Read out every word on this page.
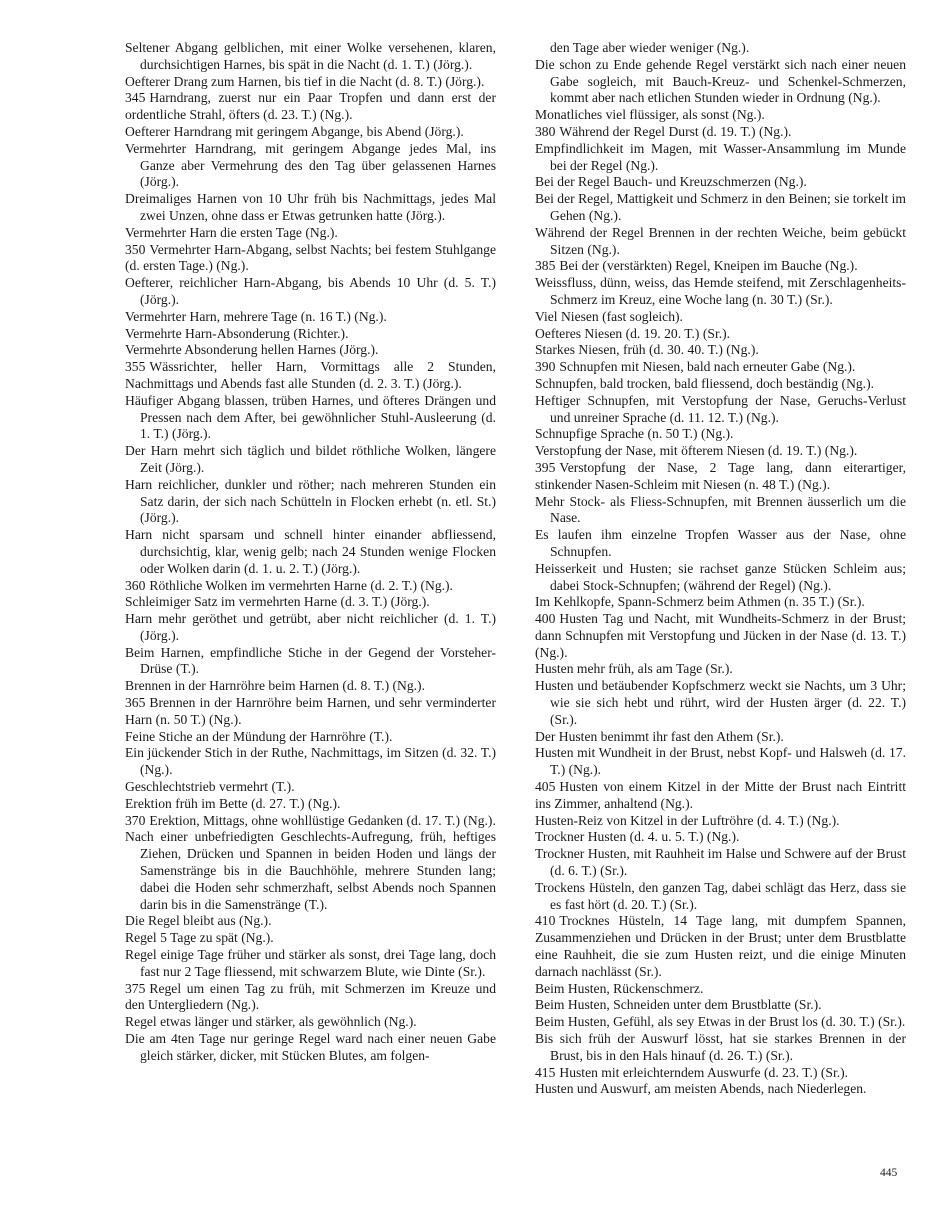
Seltener Abgang gelblichen, mit einer Wolke versehenen, klaren, durchsichtigen Harnes, bis spät in die Nacht (d. 1. T.) (Jörg.).
Oefterer Drang zum Harnen, bis tief in die Nacht (d. 8. T.) (Jörg.).
345 Harndrang, zuerst nur ein Paar Tropfen und dann erst der ordentliche Strahl, öfters (d. 23. T.) (Ng.).
Oefterer Harndrang mit geringem Abgange, bis Abend (Jörg.).
Vermehrter Harndrang, mit geringem Abgange jedes Mal, ins Ganze aber Vermehrung des den Tag über gelassenen Harnes (Jörg.).
Dreimaliges Harnen von 10 Uhr früh bis Nachmittags, jedes Mal zwei Unzen, ohne dass er Etwas getrunken hatte (Jörg.).
Vermehrter Harn die ersten Tage (Ng.).
350 Vermehrter Harn-Abgang, selbst Nachts; bei festem Stuhlgange (d. ersten Tage.) (Ng.).
Oefterer, reichlicher Harn-Abgang, bis Abends 10 Uhr (d. 5. T.) (Jörg.).
Vermehrter Harn, mehrere Tage (n. 16 T.) (Ng.).
Vermehrte Harn-Absonderung (Richter.).
Vermehrte Absonderung hellen Harnes (Jörg.).
355 Wässrichter, heller Harn, Vormittags alle 2 Stunden, Nachmittags und Abends fast alle Stunden (d. 2. 3. T.) (Jörg.).
Häufiger Abgang blassen, trüben Harnes, und öfteres Drängen und Pressen nach dem After, bei gewöhnlicher Stuhl-Ausleerung (d. 1. T.) (Jörg.).
Der Harn mehrt sich täglich und bildet röthliche Wolken, längere Zeit (Jörg.).
Harn reichlicher, dunkler und röther; nach mehreren Stunden ein Satz darin, der sich nach Schütteln in Flocken erhebt (n. etl. St.) (Jörg.).
Harn nicht sparsam und schnell hinter einander abfliessend, durchsichtig, klar, wenig gelb; nach 24 Stunden wenige Flocken oder Wolken darin (d. 1. u. 2. T.) (Jörg.).
360 Röthliche Wolken im vermehrten Harne (d. 2. T.) (Ng.).
Schleimiger Satz im vermehrten Harne (d. 3. T.) (Jörg.).
Harn mehr geröthet und getrübt, aber nicht reichlicher (d. 1. T.) (Jörg.).
Beim Harnen, empfindliche Stiche in der Gegend der Vorsteher-Drüse (T.).
Brennen in der Harnröhre beim Harnen (d. 8. T.) (Ng.).
365 Brennen in der Harnröhre beim Harnen, und sehr verminderter Harn (n. 50 T.) (Ng.).
Feine Stiche an der Mündung der Harnröhre (T.).
Ein jückender Stich in der Ruthe, Nachmittags, im Sitzen (d. 32. T.) (Ng.).
Geschlechtstrieb vermehrt (T.).
Erektion früh im Bette (d. 27. T.) (Ng.).
370 Erektion, Mittags, ohne wohllüstige Gedanken (d. 17. T.) (Ng.).
Nach einer unbefriedigten Geschlechts-Aufregung, früh, heftiges Ziehen, Drücken und Spannen in beiden Hoden und längs der Samenstränge bis in die Bauchhöhle, mehrere Stunden lang; dabei die Hoden sehr schmerzhaft, selbst Abends noch Spannen darin bis in die Samenstränge (T.).
Die Regel bleibt aus (Ng.).
Regel 5 Tage zu spät (Ng.).
Regel einige Tage früher und stärker als sonst, drei Tage lang, doch fast nur 2 Tage fliessend, mit schwarzem Blute, wie Dinte (Sr.).
375 Regel um einen Tag zu früh, mit Schmerzen im Kreuze und den Untergliedern (Ng.).
Regel etwas länger und stärker, als gewöhnlich (Ng.).
Die am 4ten Tage nur geringe Regel ward nach einer neuen Gabe gleich stärker, dicker, mit Stücken Blutes, am folgen-
den Tage aber wieder weniger (Ng.).
Die schon zu Ende gehende Regel verstärkt sich nach einer neuen Gabe sogleich, mit Bauch-Kreuz- und Schenkel-Schmerzen, kommt aber nach etlichen Stunden wieder in Ordnung (Ng.).
Monatliches viel flüssiger, als sonst (Ng.).
380 Während der Regel Durst (d. 19. T.) (Ng.).
Empfindlichkeit im Magen, mit Wasser-Ansammlung im Munde bei der Regel (Ng.).
Bei der Regel Bauch- und Kreuzschmerzen (Ng.).
Bei der Regel, Mattigkeit und Schmerz in den Beinen; sie torkelt im Gehen (Ng.).
Während der Regel Brennen in der rechten Weiche, beim gebückt Sitzen (Ng.).
385 Bei der (verstärkten) Regel, Kneipen im Bauche (Ng.).
Weissfluss, dünn, weiss, das Hemde steifend, mit Zerschlagenheits-Schmerz im Kreuz, eine Woche lang (n. 30 T.) (Sr.).
Viel Niesen (fast sogleich).
Oefteres Niesen (d. 19. 20. T.) (Sr.).
Starkes Niesen, früh (d. 30. 40. T.) (Ng.).
390 Schnupfen mit Niesen, bald nach erneuter Gabe (Ng.).
Schnupfen, bald trocken, bald fliessend, doch beständig (Ng.).
Heftiger Schnupfen, mit Verstopfung der Nase, Geruchs-Verlust und unreiner Sprache (d. 11. 12. T.) (Ng.).
Schnupfige Sprache (n. 50 T.) (Ng.).
Verstopfung der Nase, mit öfterem Niesen (d. 19. T.) (Ng.).
395 Verstopfung der Nase, 2 Tage lang, dann eiterartiger, stinkender Nasen-Schleim mit Niesen (n. 48 T.) (Ng.).
Mehr Stock- als Fliess-Schnupfen, mit Brennen äusserlich um die Nase.
Es laufen ihm einzelne Tropfen Wasser aus der Nase, ohne Schnupfen.
Heisserkeit und Husten; sie rachset ganze Stücken Schleim aus; dabei Stock-Schnupfen; (während der Regel) (Ng.).
Im Kehlkopfe, Spann-Schmerz beim Athmen (n. 35 T.) (Sr.).
400 Husten Tag und Nacht, mit Wundheits-Schmerz in der Brust; dann Schnupfen mit Verstopfung und Jücken in der Nase (d. 13. T.) (Ng.).
Husten mehr früh, als am Tage (Sr.).
Husten und betäubender Kopfschmerz weckt sie Nachts, um 3 Uhr; wie sie sich hebt und rührt, wird der Husten ärger (d. 22. T.) (Sr.).
Der Husten benimmt ihr fast den Athem (Sr.).
Husten mit Wundheit in der Brust, nebst Kopf- und Halsweh (d. 17. T.) (Ng.).
405 Husten von einem Kitzel in der Mitte der Brust nach Eintritt ins Zimmer, anhaltend (Ng.).
Husten-Reiz von Kitzel in der Luftröhre (d. 4. T.) (Ng.).
Trockner Husten (d. 4. u. 5. T.) (Ng.).
Trockner Husten, mit Rauhheit im Halse und Schwere auf der Brust (d. 6. T.) (Sr.).
Trockens Hüsteln, den ganzen Tag, dabei schlägt das Herz, dass sie es fast hört (d. 20. T.) (Sr.).
410 Trocknes Hüsteln, 14 Tage lang, mit dumpfem Spannen, Zusammenziehen und Drücken in der Brust; unter dem Brustblatte eine Rauhheit, die sie zum Husten reizt, und die einige Minuten darnach nachlässt (Sr.).
Beim Husten, Rückenschmerz.
Beim Husten, Schneiden unter dem Brustblatte (Sr.).
Beim Husten, Gefühl, als sey Etwas in der Brust los (d. 30. T.) (Sr.).
Bis sich früh der Auswurf lösst, hat sie starkes Brennen in der Brust, bis in den Hals hinauf (d. 26. T.) (Sr.).
415 Husten mit erleichterndem Auswurfe (d. 23. T.) (Sr.).
Husten und Auswurf, am meisten Abends, nach Niederlegen.
445
